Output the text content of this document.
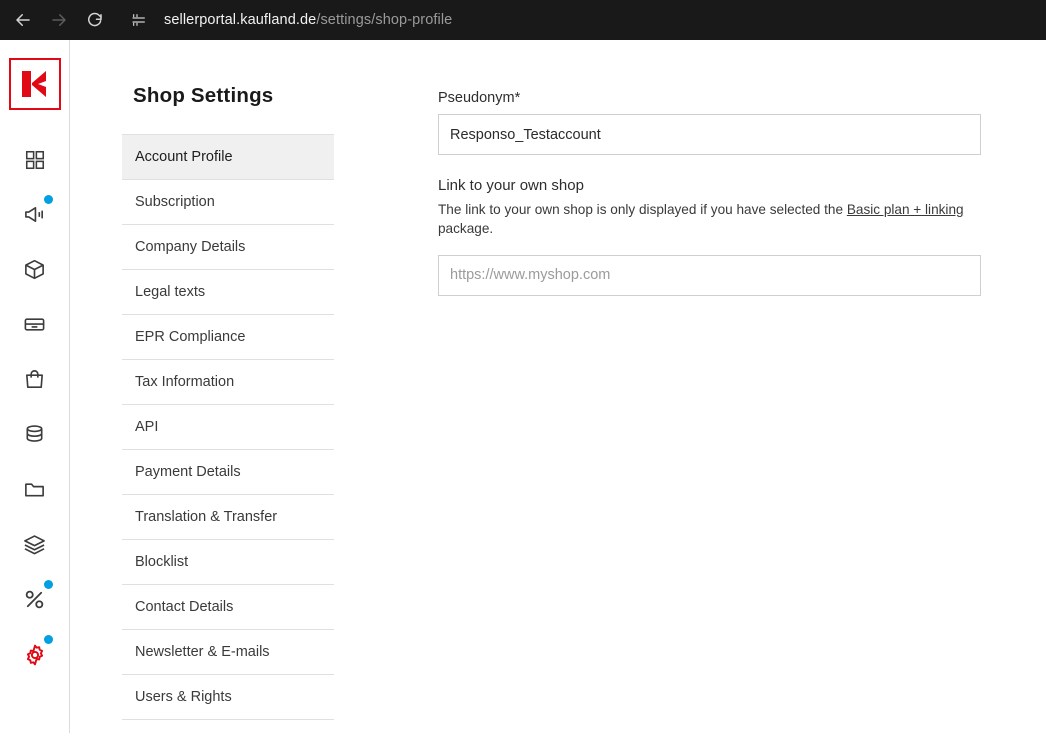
sellerportal.kaufland.de/settings/shop-profile
Shop Settings
Account Profile
Subscription
Company Details
Legal texts
EPR Compliance
Tax Information
API
Payment Details
Translation & Transfer
Blocklist
Contact Details
Newsletter & E-mails
Users & Rights
Pseudonym*
Responso_Testaccount
Link to your own shop
The link to your own shop is only displayed if you have selected the Basic plan + linking package.
https://www.myshop.com
